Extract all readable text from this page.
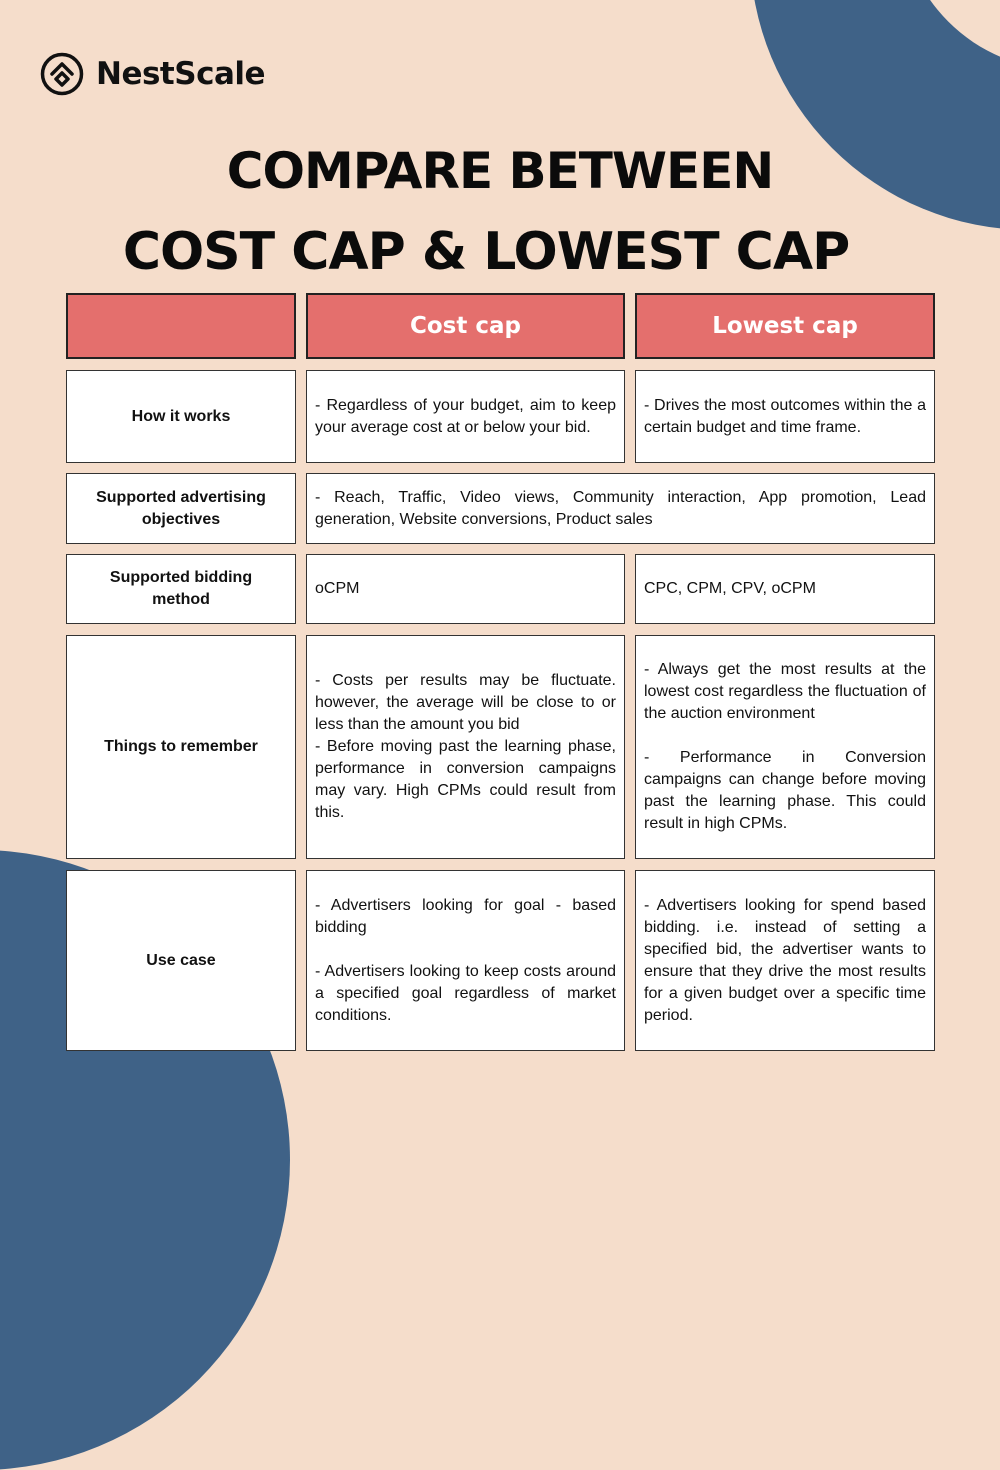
NestScale
COMPARE BETWEEN
COST CAP & LOWEST CAP
Cost cap	Lowest cap
How it works

- Regardless of your budget, aim to keep your average cost at or below your bid.

- Drives the most outcomes within the a certain budget and time frame.

Supported advertising objectives

- Reach, Traffic, Video views, Community interaction, App promotion, Lead generation, Website conversions, Product sales

Supported bidding method

oCPM	CPC, CPM, CPV, oCPM

Things to remember

- Costs per results may be fluctuate. however, the average will be close to or less than the amount you bid

- Before moving past the learning phase, performance in conversion campaigns may vary. High CPMs could result from this.

- Always get the most results at the lowest cost regardless the fluctuation of the auction environment

- Performance in Conversion campaigns can change before moving past the learning phase. This could result in high CPMs.

Use case

- Advertisers looking for goal - based bidding

- Advertisers looking to keep costs around a specified goal regardless of market conditions.

- Advertisers looking for spend based bidding. i.e. instead of setting a specified bid, the advertiser wants to ensure that they drive the most results for a given budget over a specific time period.
